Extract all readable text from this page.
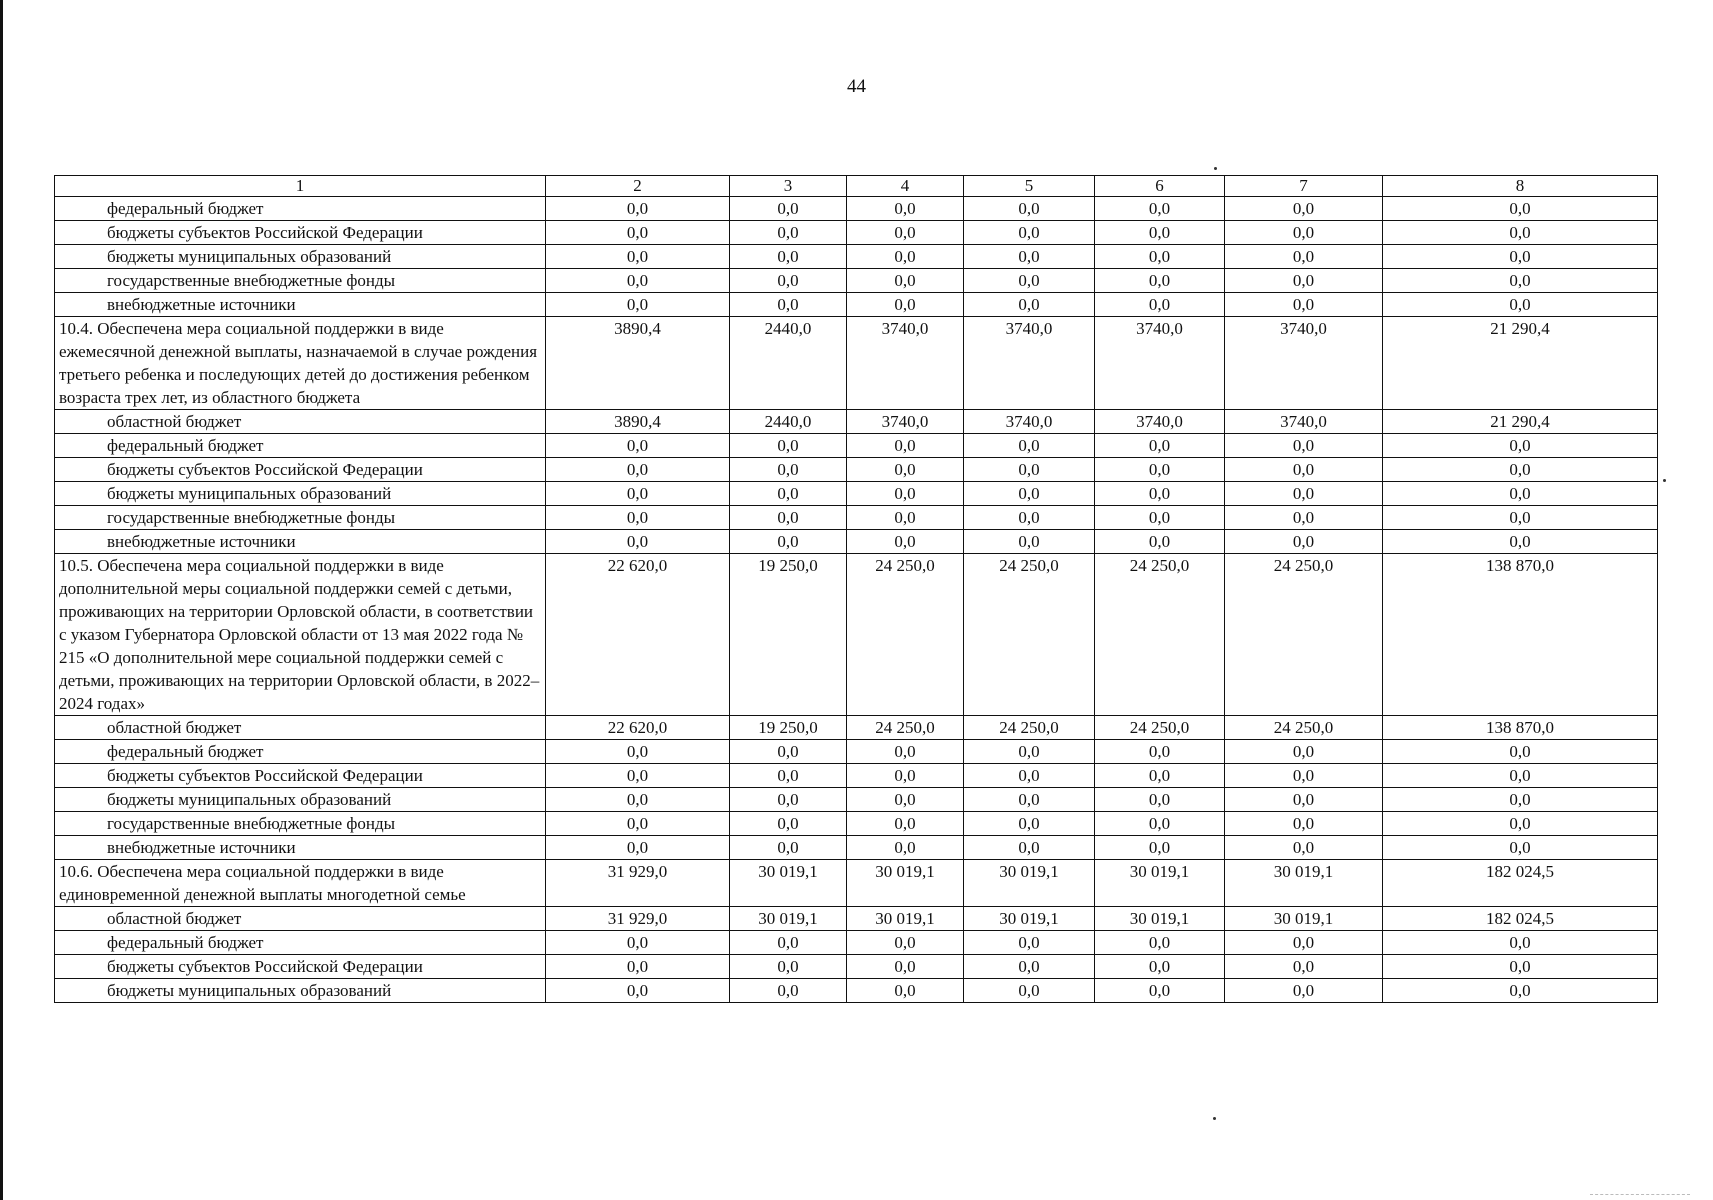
44
1	2	3	4	5	6	7	8
федеральный бюджет	0,0	0,0	0,0	0,0	0,0	0,0	0,0
бюджеты субъектов Российской Федерации	0,0	0,0	0,0	0,0	0,0	0,0	0,0
бюджеты муниципальных образований	0,0	0,0	0,0	0,0	0,0	0,0	0,0
государственные внебюджетные фонды	0,0	0,0	0,0	0,0	0,0	0,0	0,0
внебюджетные источники	0,0	0,0	0,0	0,0	0,0	0,0	0,0
10.4. Обеспечена мера социальной поддержки в виде ежемесячной денежной выплаты, назначаемой в случае рождения третьего ребенка и последующих детей до достижения ребенком возраста трех лет, из областного бюджета	3890,4	2440,0	3740,0	3740,0	3740,0	3740,0	21 290,4
областной бюджет	3890,4	2440,0	3740,0	3740,0	3740,0	3740,0	21 290,4
федеральный бюджет	0,0	0,0	0,0	0,0	0,0	0,0	0,0
бюджеты субъектов Российской Федерации	0,0	0,0	0,0	0,0	0,0	0,0	0,0
бюджеты муниципальных образований	0,0	0,0	0,0	0,0	0,0	0,0	0,0
государственные внебюджетные фонды	0,0	0,0	0,0	0,0	0,0	0,0	0,0
внебюджетные источники	0,0	0,0	0,0	0,0	0,0	0,0	0,0
10.5. Обеспечена мера социальной поддержки в виде дополнительной меры социальной поддержки семей с детьми, проживающих на территории Орловской области, в соответствии с указом Губернатора Орловской области от 13 мая 2022 года № 215 «О дополнительной мере социальной поддержки семей с детьми, проживающих на территории Орловской области, в 2022–2024 годах»	22 620,0	19 250,0	24 250,0	24 250,0	24 250,0	24 250,0	138 870,0
областной бюджет	22 620,0	19 250,0	24 250,0	24 250,0	24 250,0	24 250,0	138 870,0
федеральный бюджет	0,0	0,0	0,0	0,0	0,0	0,0	0,0
бюджеты субъектов Российской Федерации	0,0	0,0	0,0	0,0	0,0	0,0	0,0
бюджеты муниципальных образований	0,0	0,0	0,0	0,0	0,0	0,0	0,0
государственные внебюджетные фонды	0,0	0,0	0,0	0,0	0,0	0,0	0,0
внебюджетные источники	0,0	0,0	0,0	0,0	0,0	0,0	0,0
10.6. Обеспечена мера социальной поддержки в виде единовременной денежной выплаты многодетной семье	31 929,0	30 019,1	30 019,1	30 019,1	30 019,1	30 019,1	182 024,5
областной бюджет	31 929,0	30 019,1	30 019,1	30 019,1	30 019,1	30 019,1	182 024,5
федеральный бюджет	0,0	0,0	0,0	0,0	0,0	0,0	0,0
бюджеты субъектов Российской Федерации	0,0	0,0	0,0	0,0	0,0	0,0	0,0
бюджеты муниципальных образований	0,0	0,0	0,0	0,0	0,0	0,0	0,0
